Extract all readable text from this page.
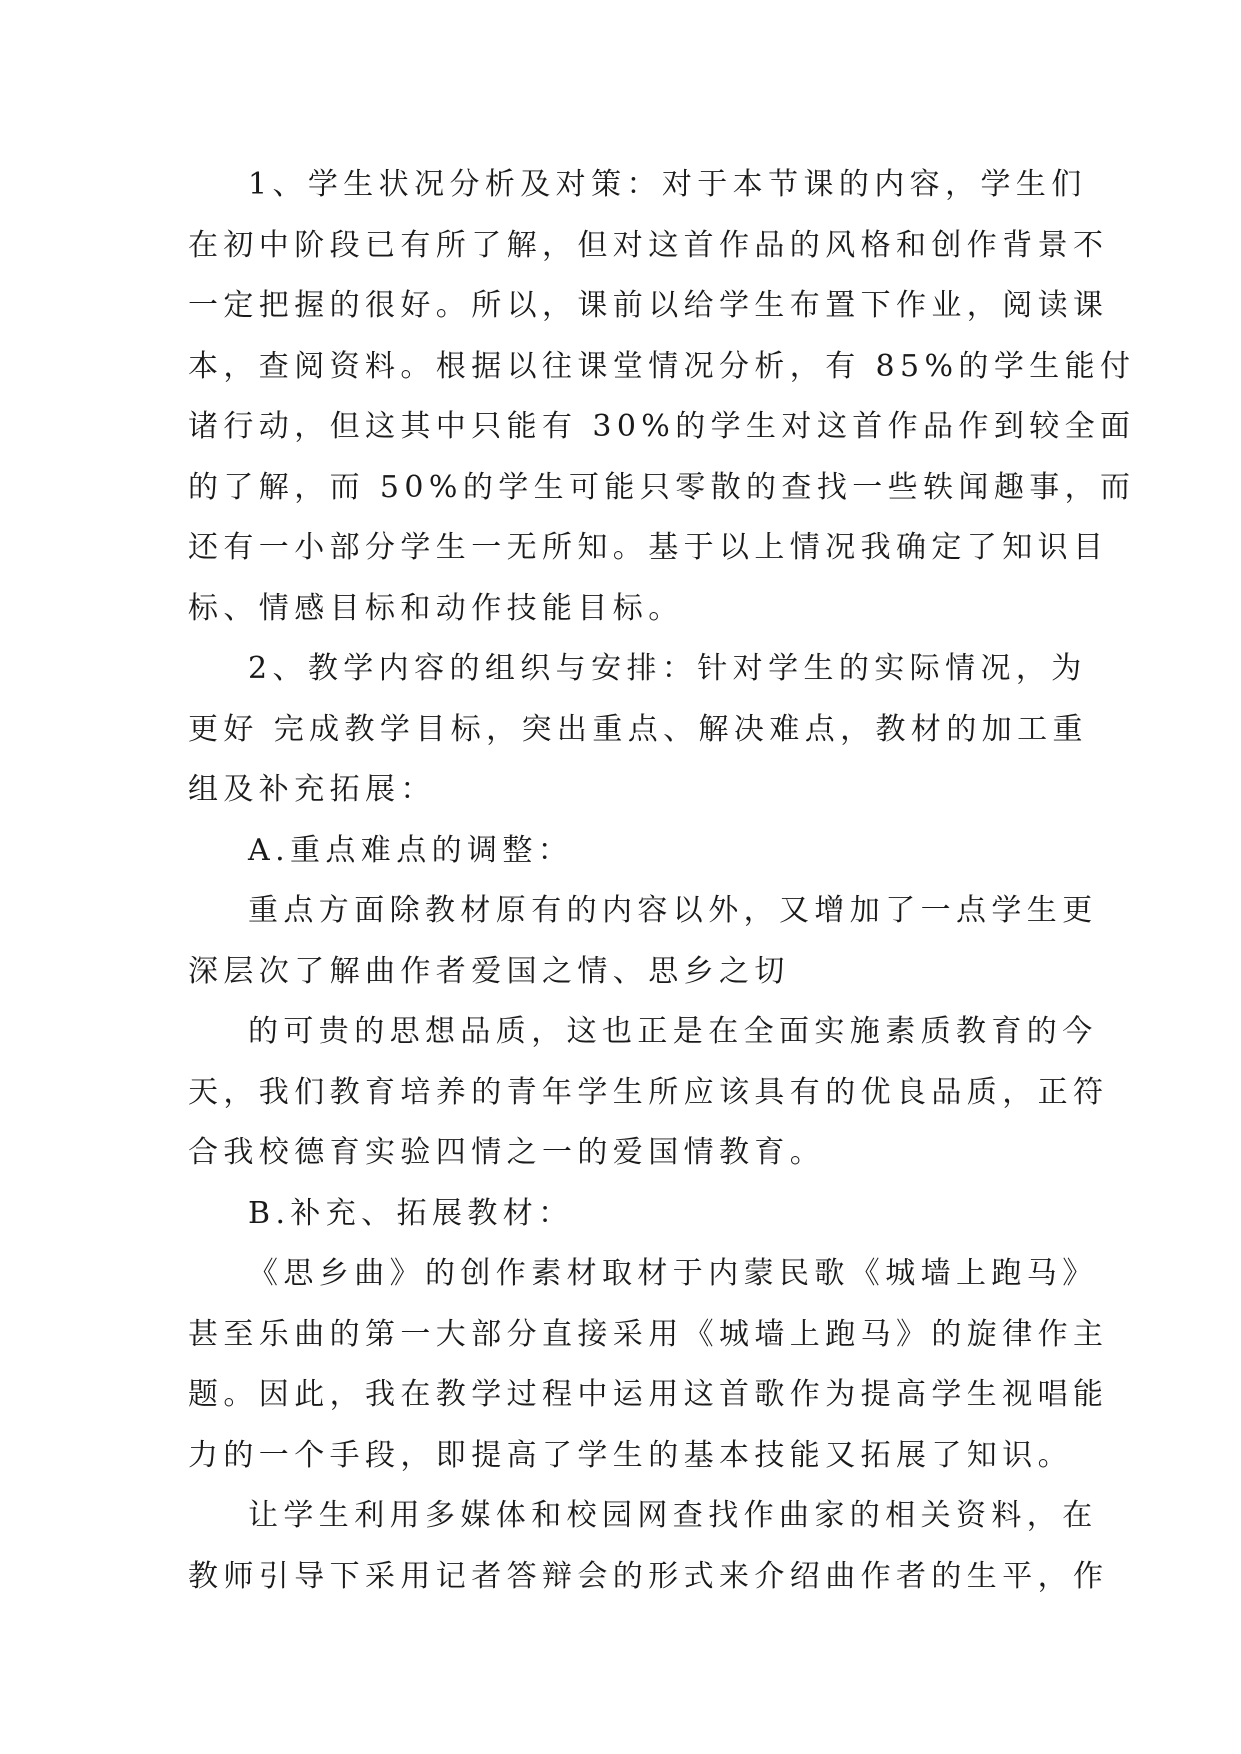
1、学生状况分析及对策：对于本节课的内容，学生们
在初中阶段已有所了解，但对这首作品的风格和创作背景不
一定把握的很好。所以，课前以给学生布置下作业，阅读课
本，查阅资料。根据以往课堂情况分析，有 85%的学生能付
诸行动，但这其中只能有 30%的学生对这首作品作到较全面
的了解，而 50%的学生可能只零散的查找一些轶闻趣事，而
还有一小部分学生一无所知。基于以上情况我确定了知识目
标、情感目标和动作技能目标。
2、教学内容的组织与安排：针对学生的实际情况，为
更好 完成教学目标，突出重点、解决难点，教材的加工重
组及补充拓展：
A.重点难点的调整：
重点方面除教材原有的内容以外，又增加了一点学生更
深层次了解曲作者爱国之情、思乡之切
的可贵的思想品质，这也正是在全面实施素质教育的今
天，我们教育培养的青年学生所应该具有的优良品质，正符
合我校德育实验四情之一的爱国情教育。
B.补充、拓展教材：
《思乡曲》的创作素材取材于内蒙民歌《城墙上跑马》
甚至乐曲的第一大部分直接采用《城墙上跑马》的旋律作主
题。因此，我在教学过程中运用这首歌作为提高学生视唱能
力的一个手段，即提高了学生的基本技能又拓展了知识。
让学生利用多媒体和校园网查找作曲家的相关资料，在
教师引导下采用记者答辩会的形式来介绍曲作者的生平，作
